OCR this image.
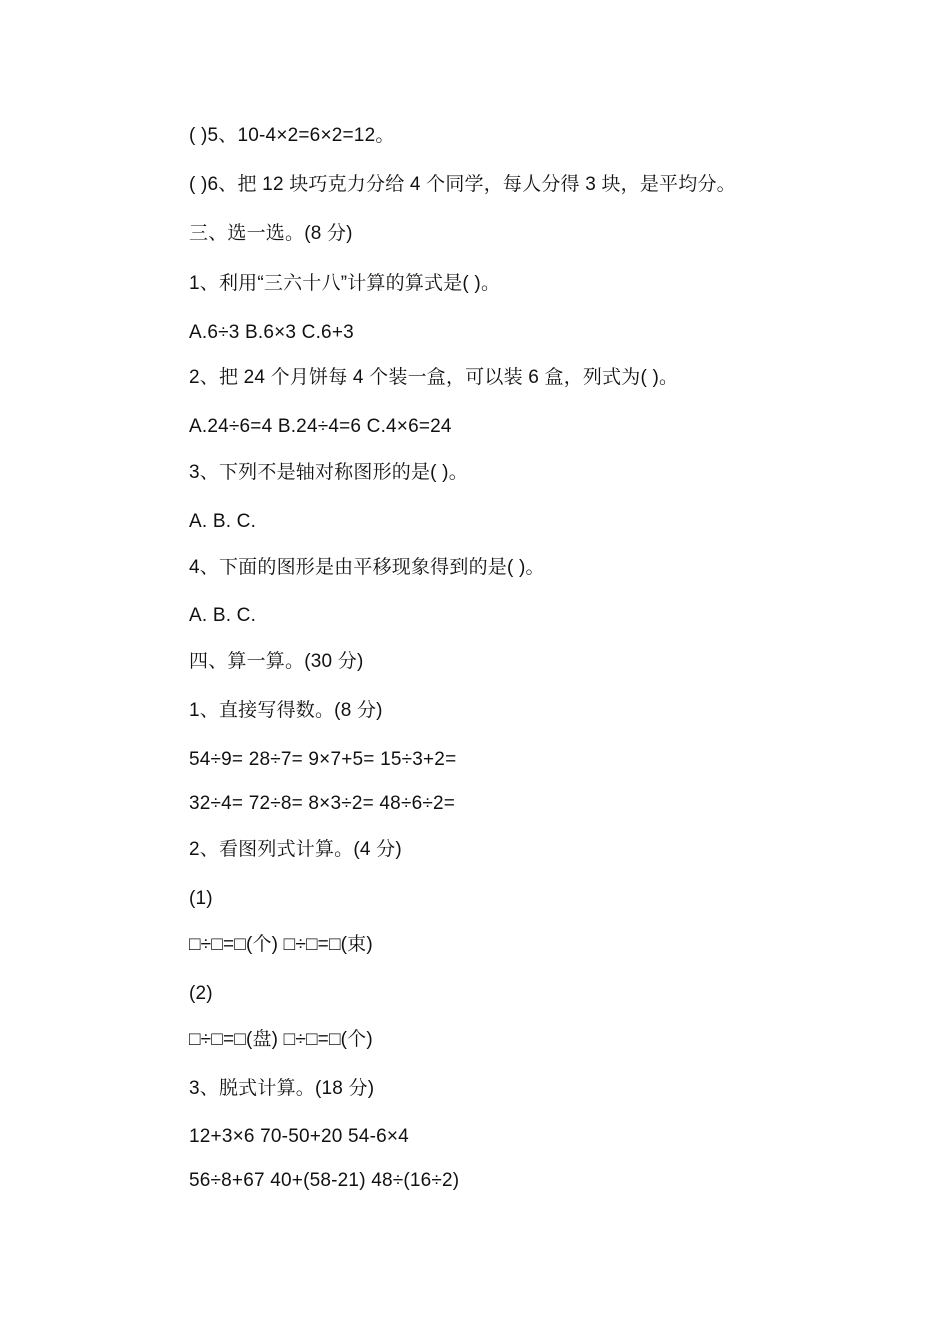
( )5、10-4×2=6×2=12。
( )6、把 12 块巧克力分给 4 个同学，每人分得 3 块，是平均分。
三、选一选。(8 分)
1、利用“三六十八”计算的算式是( )。
A.6÷3 B.6×3 C.6+3
2、把 24 个月饼每 4 个装一盒，可以装 6 盒，列式为( )。
A.24÷6=4 B.24÷4=6 C.4×6=24
3、下列不是轴对称图形的是( )。
A. B. C.
4、下面的图形是由平移现象得到的是( )。
A. B. C.
四、算一算。(30 分)
1、直接写得数。(8 分)
54÷9= 28÷7= 9×7+5= 15÷3+2=
32÷4= 72÷8= 8×3÷2= 48÷6÷2=
2、看图列式计算。(4 分)
(1)
□÷□=□(个) □÷□=□(束)
(2)
□÷□=□(盘) □÷□=□(个)
3、脱式计算。(18 分)
12+3×6 70-50+20 54-6×4
56÷8+67 40+(58-21) 48÷(16÷2)
